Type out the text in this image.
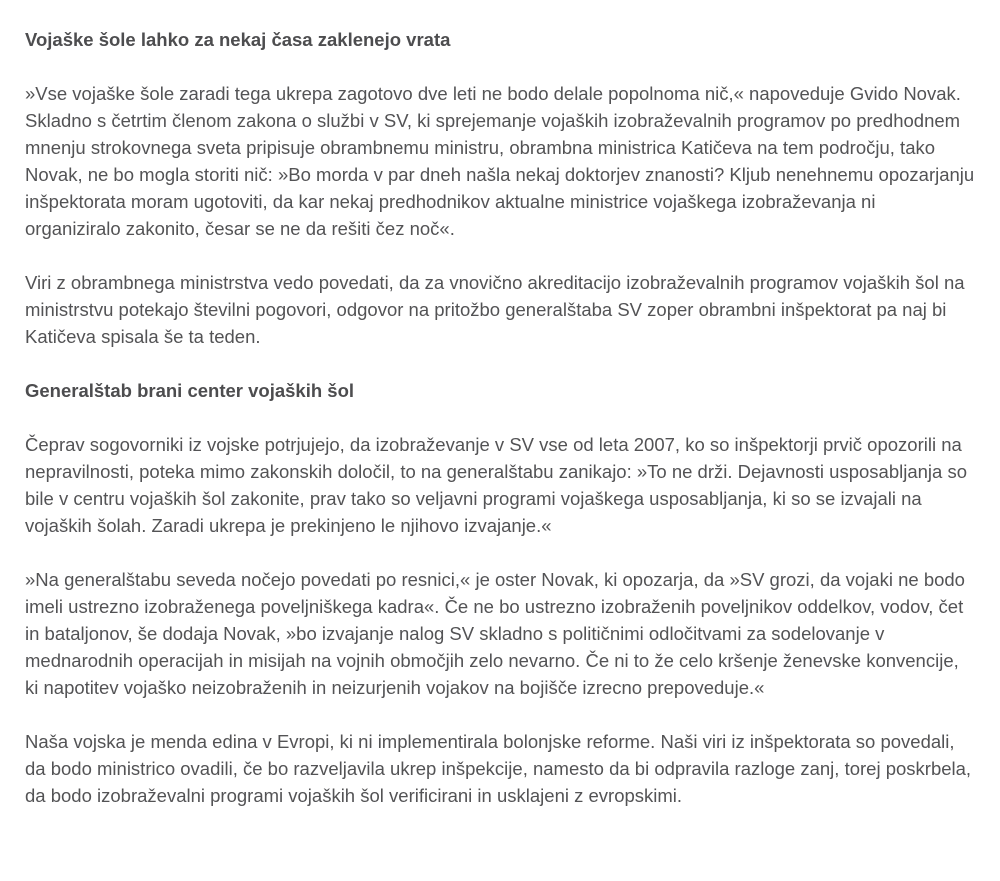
Vojaške šole lahko za nekaj časa zaklenejo vrata

»Vse vojaške šole zaradi tega ukrepa zagotovo dve leti ne bodo delale popolnoma nič,« napoveduje Gvido Novak. Skladno s četrtim členom zakona o službi v SV, ki sprejemanje vojaških izobraževalnih programov po predhodnem mnenju strokovnega sveta pripisuje obrambnemu ministru, obrambna ministrica Katičeva na tem področju, tako Novak, ne bo mogla storiti nič: »Bo morda v par dneh našla nekaj doktorjev znanosti? Kljub nenehnemu opozarjanju inšpektorata moram ugotoviti, da kar nekaj predhodnikov aktualne ministrice vojaškega izobraževanja ni organiziralo zakonito, česar se ne da rešiti čez noč«.

Viri z obrambnega ministrstva vedo povedati, da za vnovično akreditacijo izobraževalnih programov vojaških šol na ministrstvu potekajo številni pogovori, odgovor na pritožbo generalštaba SV zoper obrambni inšpektorat pa naj bi Katičeva spisala še ta teden.

Generalštab brani center vojaških šol

Čeprav sogovorniki iz vojske potrjujejo, da izobraževanje v SV vse od leta 2007, ko so inšpektorji prvič opozorili na nepravilnosti, poteka mimo zakonskih določil, to na generalštabu zanikajo: »To ne drži. Dejavnosti usposabljanja so bile v centru vojaških šol zakonite, prav tako so veljavni programi vojaškega usposabljanja, ki so se izvajali na vojaških šolah. Zaradi ukrepa je prekinjeno le njihovo izvajanje.«

»Na generalštabu seveda nočejo povedati po resnici,« je oster Novak, ki opozarja, da »SV grozi, da vojaki ne bodo imeli ustrezno izobraženega poveljniškega kadra«. Če ne bo ustrezno izobraženih poveljnikov oddelkov, vodov, čet in bataljonov, še dodaja Novak, »bo izvajanje nalog SV skladno s političnimi odločitvami za sodelovanje v mednarodnih operacijah in misijah na vojnih območjih zelo nevarno. Če ni to že celo kršenje ženevske konvencije, ki napotitev vojaško neizobraženih in neizurjenih vojakov na bojišče izrecno prepoveduje.«

Naša vojska je menda edina v Evropi, ki ni implementirala bolonjske reforme. Naši viri iz inšpektorata so povedali, da bodo ministrico ovadili, če bo razveljavila ukrep inšpekcije, namesto da bi odpravila razloge zanj, torej poskrbela, da bodo izobraževalni programi vojaških šol verificirani in usklajeni z evropskimi.
